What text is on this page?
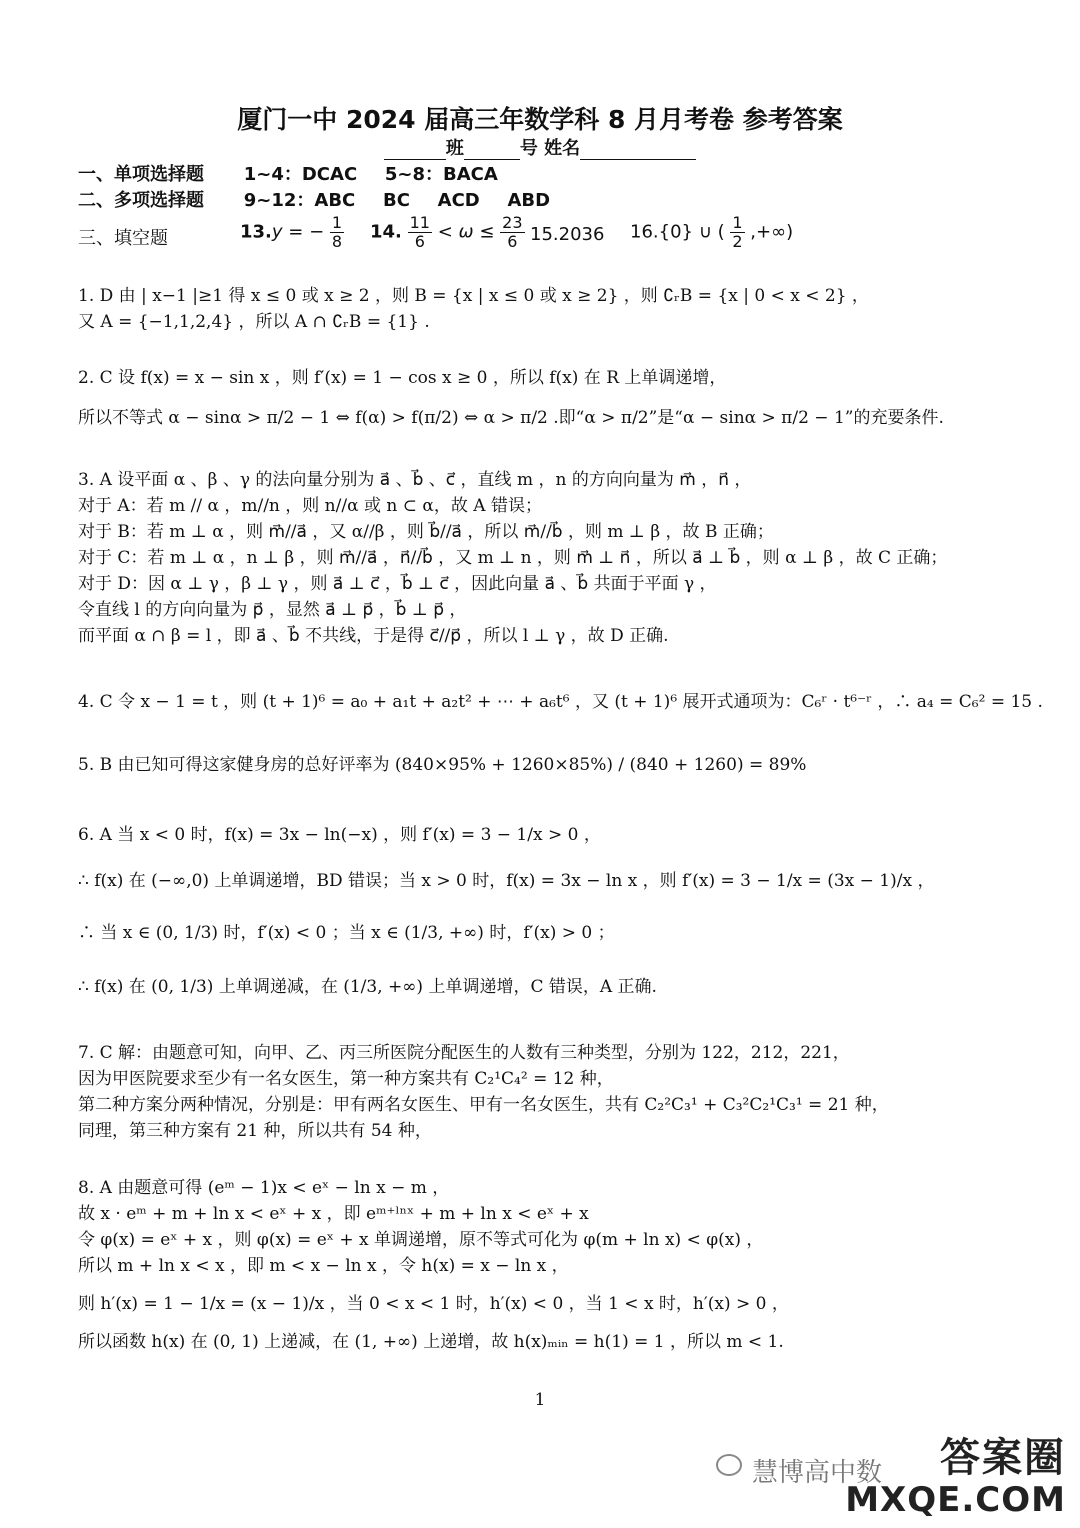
厦门一中 2024 届高三年数学科 8 月月考卷 参考答案
班	号 姓名
一、单项选择题 1~4：DCAC 5~8：BACA
二、多项选择题 9~12：ABC BC ACD ABD
三、填空题	13.y = − $\frac{1}{8} 14$. $\frac{11}{6} < \omega \le \frac{23}{6} 15.2036$ 16.{0} ∪ ( $\frac{1}{2}$ ,+∞)

1. D 由 | x−1 |≥1 得 x ≤ 0 或 x ≥ 2 ，则 B = {x | x ≤ 0 或 x ≥ 2} ，则 ∁ᵣB = {x | 0 < x < 2} ，

又 A = {−1,1,2,4} ，所以 A ∩ ∁ᵣB = {1} .

2. C 设 f(x) = x − sin x ，则 f′(x) = 1 − cos x ≥ 0 ，所以 f(x) 在 R 上单调递增，

所以不等式 α − sinα > π/2 − 1 ⇔ f(α) > f(π/2) ⇔ α > π/2 .即“α > π/2”是“α − sinα > π/2 − 1”的充要条件.

3. A 设平面 α 、β 、γ 的法向量分别为 a⃗ 、b⃗ 、c⃗ ，直线 m ，n 的方向向量为 m⃗ ，n⃗ ，

对于 A：若 m // α ，m//n ，则 n//α 或 n ⊂ α，故 A 错误；

对于 B：若 m ⊥ α ，则 m⃗//a⃗ ，又 α//β ，则 b⃗//a⃗ ，所以 m⃗//b⃗ ，则 m ⊥ β ，故 B 正确；

对于 C：若 m ⊥ α ，n ⊥ β ，则 m⃗//a⃗ ，n⃗//b⃗ ，又 m ⊥ n ，则 m⃗ ⊥ n⃗ ，所以 a⃗ ⊥ b⃗ ，则 α ⊥ β ，故 C 正确；

对于 D：因 α ⊥ γ ，β ⊥ γ ，则 a⃗ ⊥ c⃗ ，b⃗ ⊥ c⃗ ，因此向量 a⃗ 、b⃗ 共面于平面 γ ，

令直线 l 的方向向量为 p⃗ ，显然 a⃗ ⊥ p⃗ ，b⃗ ⊥ p⃗ ，

而平面 α ∩ β = l ，即 a⃗ 、b⃗ 不共线，于是得 c⃗//p⃗ ，所以 l ⊥ γ ，故 D 正确.

4. C 令 x − 1 = t ，则 (t + 1)⁶ = a₀ + a₁t + a₂t² + ⋯ + a₆t⁶ ，又 (t + 1)⁶ 展开式通项为：C₆ʳ · t⁶⁻ʳ ，∴ a₄ = C₆² = 15 .

5. B 由已知可得这家健身房的总好评率为 (840×95% + 1260×85%) / (840 + 1260) = 89%

6. A 当 x < 0 时，f(x) = 3x − ln(−x) ，则 f′(x) = 3 − 1/x > 0 ，

∴ f(x) 在 (−∞,0) 上单调递增，BD 错误；当 x > 0 时，f(x) = 3x − ln x ，则 f′(x) = 3 − 1/x = (3x − 1)/x ，

∴ 当 x ∈ (0, 1/3) 时，f′(x) < 0 ；当 x ∈ (1/3, +∞) 时，f′(x) > 0 ；

∴ f(x) 在 (0, 1/3) 上单调递减，在 (1/3, +∞) 上单调递增，C 错误，A 正确.

7. C 解：由题意可知，向甲、乙、丙三所医院分配医生的人数有三种类型，分别为 122，212，221，

因为甲医院要求至少有一名女医生，第一种方案共有 C₂¹C₄² = 12 种，

第二种方案分两种情况，分别是：甲有两名女医生、甲有一名女医生，共有 C₂²C₃¹ + C₃²C₂¹C₃¹ = 21 种，

同理，第三种方案有 21 种，所以共有 54 种，

8. A 由题意可得 (eᵐ − 1)x < eˣ − ln x − m ，

故 x · eᵐ + m + ln x < eˣ + x ，即 eᵐ⁺ˡⁿˣ + m + ln x < eˣ + x

令 φ(x) = eˣ + x ，则 φ(x) = eˣ + x 单调递增，原不等式可化为 φ(m + ln x) < φ(x) ，

所以 m + ln x < x ，即 m < x − ln x ，令 h(x) = x − ln x ，

则 h′(x) = 1 − 1/x = (x − 1)/x ，当 0 < x < 1 时，h′(x) < 0 ，当 1 < x 时，h′(x) > 0 ，

所以函数 h(x) 在 (0, 1) 上递减，在 (1, +∞) 上递增，故 h(x)ₘᵢₙ = h(1) = 1 ，所以 m < 1.

1
慧博高中数 答案圈
MXQE.COM
